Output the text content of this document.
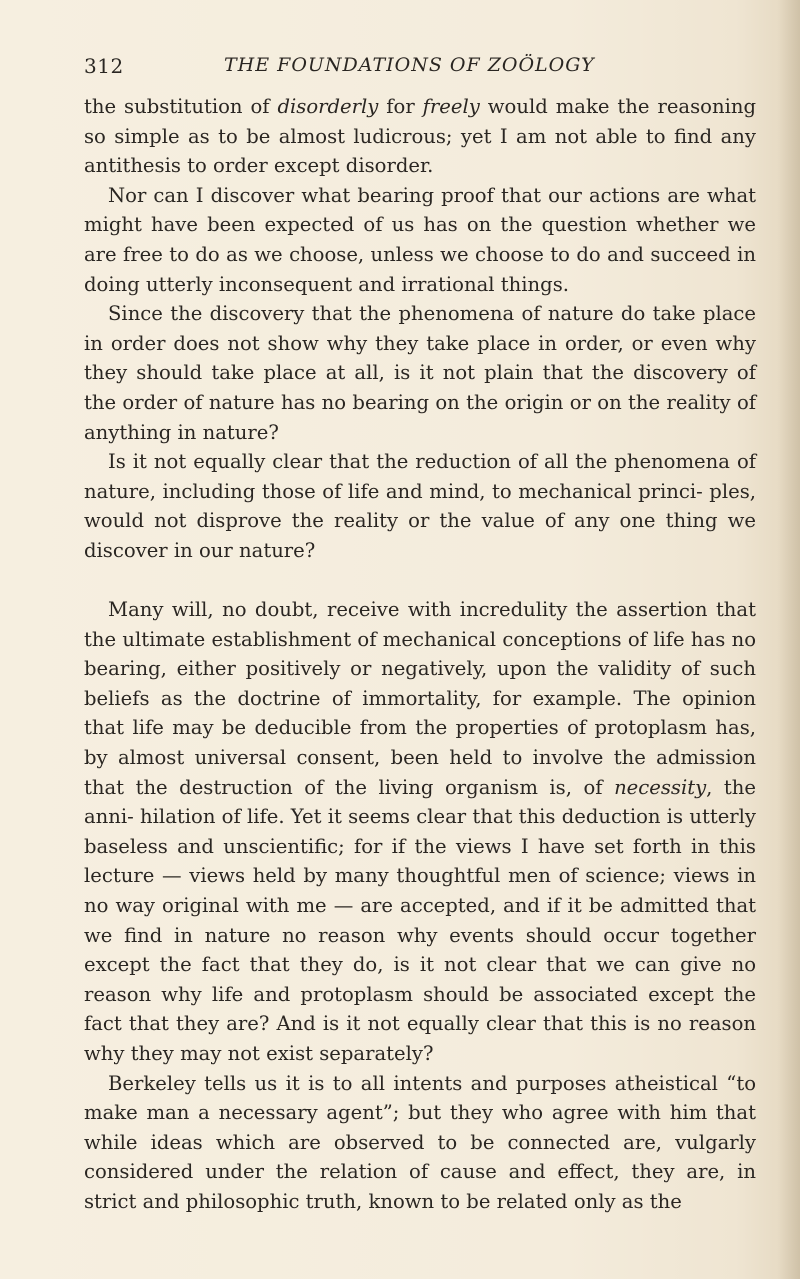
312	THE FOUNDATIONS OF ZOÖLOGY

the substitution of disorderly for freely would make the reasoning so simple as to be almost ludicrous; yet I am not able to find any antithesis to order except disorder.

Nor can I discover what bearing proof that our actions are what might have been expected of us has on the question whether we are free to do as we choose, unless we choose to do and succeed in doing utterly inconsequent and irrational things.

Since the discovery that the phenomena of nature do take place in order does not show why they take place in order, or even why they should take place at all, is it not plain that the discovery of the order of nature has no bearing on the origin or on the reality of anything in nature?

Is it not equally clear that the reduction of all the phenomena of nature, including those of life and mind, to mechanical princi- ples, would not disprove the reality or the value of any one thing we discover in our nature?

Many will, no doubt, receive with incredulity the assertion that the ultimate establishment of mechanical conceptions of life has no bearing, either positively or negatively, upon the validity of such beliefs as the doctrine of immortality, for example. The opinion that life may be deducible from the properties of protoplasm has, by almost universal consent, been held to involve the admission that the destruction of the living organism is, of necessity, the anni- hilation of life. Yet it seems clear that this deduction is utterly baseless and unscientific; for if the views I have set forth in this lecture — views held by many thoughtful men of science; views in no way original with me — are accepted, and if it be admitted that we find in nature no reason why events should occur together except the fact that they do, is it not clear that we can give no reason why life and protoplasm should be associated except the fact that they are? And is it not equally clear that this is no reason why they may not exist separately?

Berkeley tells us it is to all intents and purposes atheistical “to make man a necessary agent”; but they who agree with him that while ideas which are observed to be connected are, vulgarly considered under the relation of cause and effect, they are, in strict and philosophic truth, known to be related only as the
